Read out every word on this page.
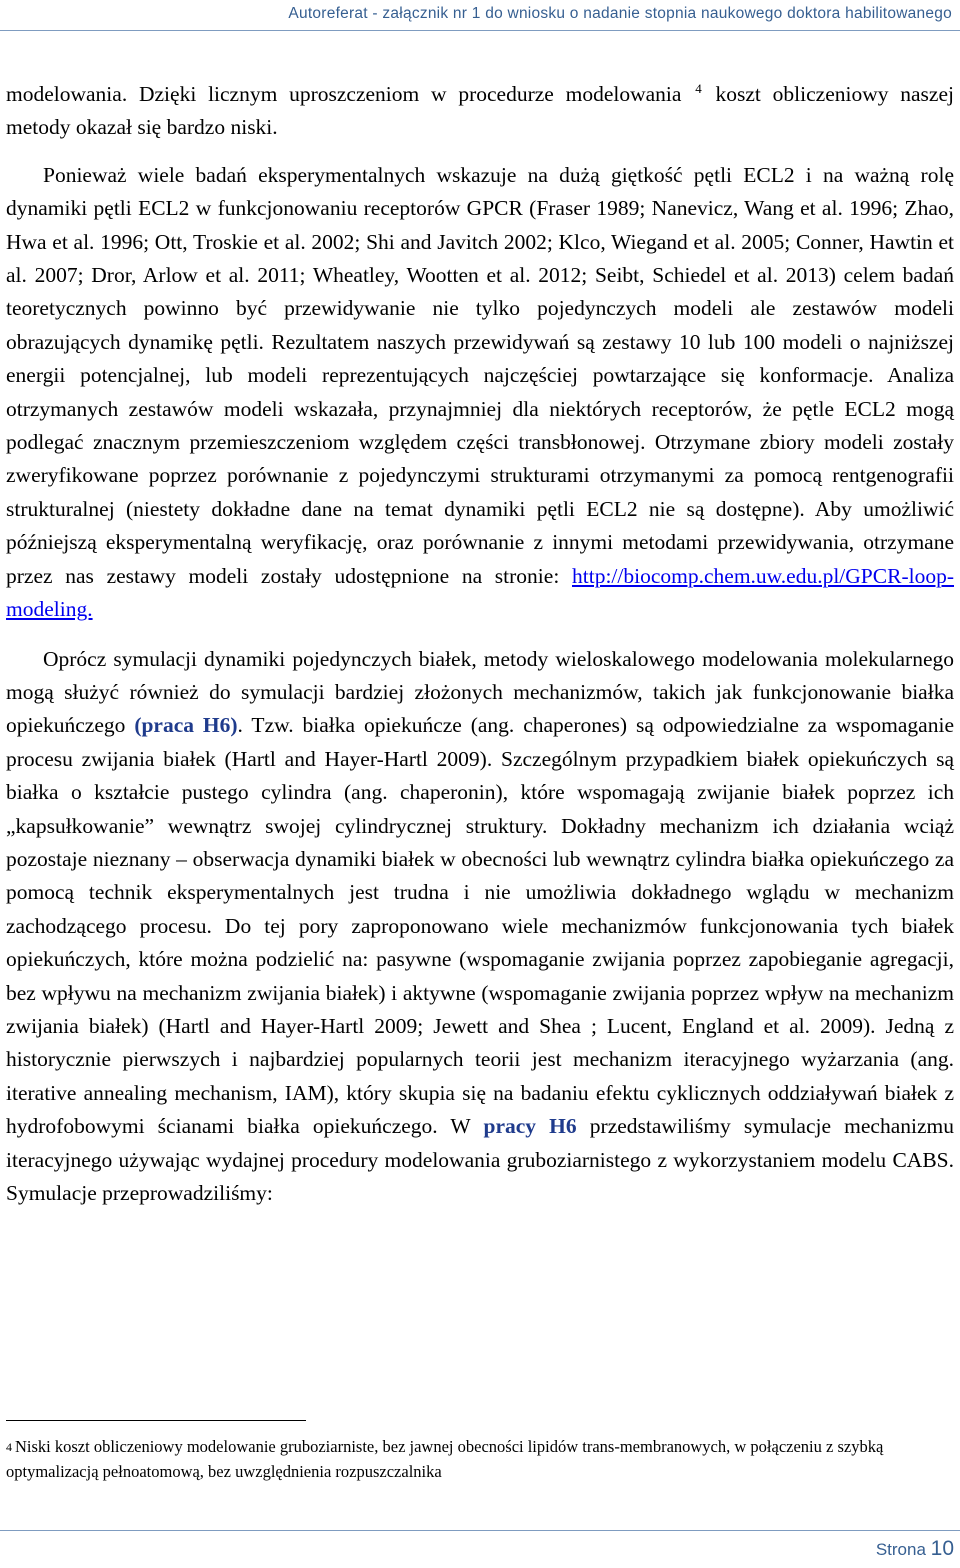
Autoreferat - załącznik nr 1 do wniosku o nadanie stopnia naukowego doktora habilitowanego

modelowania. Dzięki licznym uproszczeniom w procedurze modelowania $^4$ koszt obliczeniowy naszej metody okazał się bardzo niski.

Ponieważ wiele badań eksperymentalnych wskazuje na dużą giętkość pętli ECL2 i na ważną rolę dynamiki pętli ECL2 w funkcjonowaniu receptorów GPCR (Fraser 1989; Nanevicz, Wang et al. 1996; Zhao, Hwa et al. 1996; Ott, Troskie et al. 2002; Shi and Javitch 2002; Klco, Wiegand et al. 2005; Conner, Hawtin et al. 2007; Dror, Arlow et al. 2011; Wheatley, Wootten et al. 2012; Seibt, Schiedel et al. 2013) celem badań teoretycznych powinno być przewidywanie nie tylko pojedynczych modeli ale zestawów modeli obrazujących dynamikę pętli. Rezultatem naszych przewidywań są zestawy 10 lub 100 modeli o najniższej energii potencjalnej, lub modeli reprezentujących najczęściej powtarzające się konformacje. Analiza otrzymanych zestawów modeli wskazała, przynajmniej dla niektórych receptorów, że pętle ECL2 mogą podlegać znacznym przemieszczeniom względem części transbłonowej. Otrzymane zbiory modeli zostały zweryfikowane poprzez porównanie z pojedynczymi strukturami otrzymanymi za pomocą rentgenografii strukturalnej (niestety dokładne dane na temat dynamiki pętli ECL2 nie są dostępne). Aby umożliwić późniejszą eksperymentalną weryfikację, oraz porównanie z innymi metodami przewidywania, otrzymane przez nas zestawy modeli zostały udostępnione na stronie: http://biocomp.chem.uw.edu.pl/GPCR-loop-modeling.

Oprócz symulacji dynamiki pojedynczych białek, metody wieloskalowego modelowania molekularnego mogą służyć również do symulacji bardziej złożonych mechanizmów, takich jak funkcjonowanie białka opiekuńczego (praca H6). Tzw. białka opiekuńcze (ang. chaperones) są odpowiedzialne za wspomaganie procesu zwijania białek (Hartl and Hayer-Hartl 2009). Szczególnym przypadkiem białek opiekuńczych są białka o kształcie pustego cylindra (ang. chaperonin), które wspomagają zwijanie białek poprzez ich „kapsułkowanie” wewnątrz swojej cylindrycznej struktury. Dokładny mechanizm ich działania wciąż pozostaje nieznany – obserwacja dynamiki białek w obecności lub wewnątrz cylindra białka opiekuńczego za pomocą technik eksperymentalnych jest trudna i nie umożliwia dokładnego wglądu w mechanizm zachodzącego procesu. Do tej pory zaproponowano wiele mechanizmów funkcjonowania tych białek opiekuńczych, które można podzielić na: pasywne (wspomaganie zwijania poprzez zapobieganie agregacji, bez wpływu na mechanizm zwijania białek) i aktywne (wspomaganie zwijania poprzez wpływ na mechanizm zwijania białek) (Hartl and Hayer-Hartl 2009; Jewett and Shea ; Lucent, England et al. 2009). Jedną z historycznie pierwszych i najbardziej popularnych teorii jest mechanizm iteracyjnego wyżarzania (ang. iterative annealing mechanism, IAM), który skupia się na badaniu efektu cyklicznych oddziaływań białek z hydrofobowymi ścianami białka opiekuńczego. W pracy H6 przedstawiliśmy symulacje mechanizmu iteracyjnego używając wydajnej procedury modelowania gruboziarnistego z wykorzystaniem modelu CABS. Symulacje przeprowadziliśmy:

$^4$ Niski koszt obliczeniowy modelowanie gruboziarniste, bez jawnej obecności lipidów trans-membranowych, w połączeniu z szybką optymalizacją pełnoatomową, bez uwzględnienia rozpuszczalnika
Strona 10
